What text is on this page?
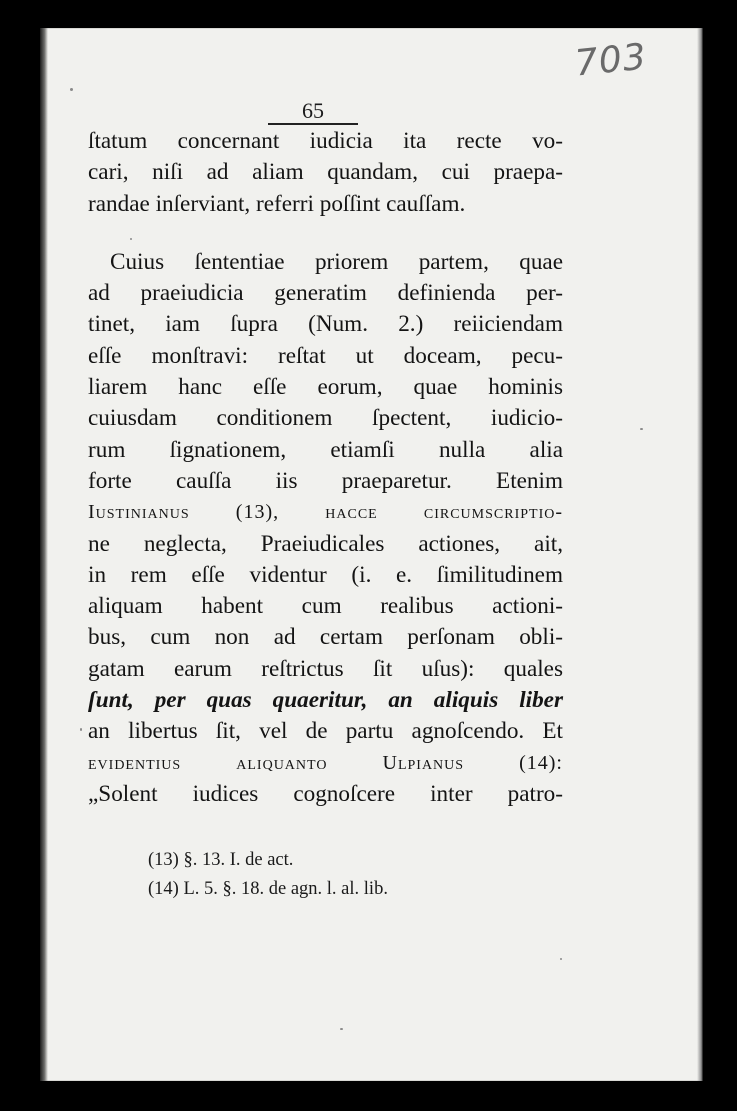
703
65
ſtatum concernant iudicia ita recte vo-
cari, niſi ad aliam quandam, cui praepa-
randae inſerviant, referri poſſint cauſſam.
Cuius ſententiae priorem partem, quae
ad praeiudicia generatim definienda per-
tinet, iam ſupra (Num. 2.) reiiciendam
eſſe monſtravi: reſtat ut doceam, pecu-
liarem hanc eſſe eorum, quae hominis
cuiusdam conditionem ſpectent, iudicio-
rum ſignationem, etiamſi nulla alia
forte cauſſa iis praeparetur. Etenim
Iustinianus (13), hacce circumſcriptio-
ne neglecta, Praeiudicales actiones, ait,
in rem eſſe videntur (i. e. ſimilitudinem
aliquam habent cum realibus actioni-
bus, cum non ad certam perſonam obli-
gatam earum reſtrictus ſit uſus): quales
ſunt, per quas quaeritur, an aliquis liber
an libertus ſit, vel de partu agnoſcendo. Et
evidentius aliquanto Ulpianus (14):
„Solent iudices cognoſcere inter patro-
(13) §. 13. I. de act.
(14) L. 5. §. 18. de agn. l. al. lib.
